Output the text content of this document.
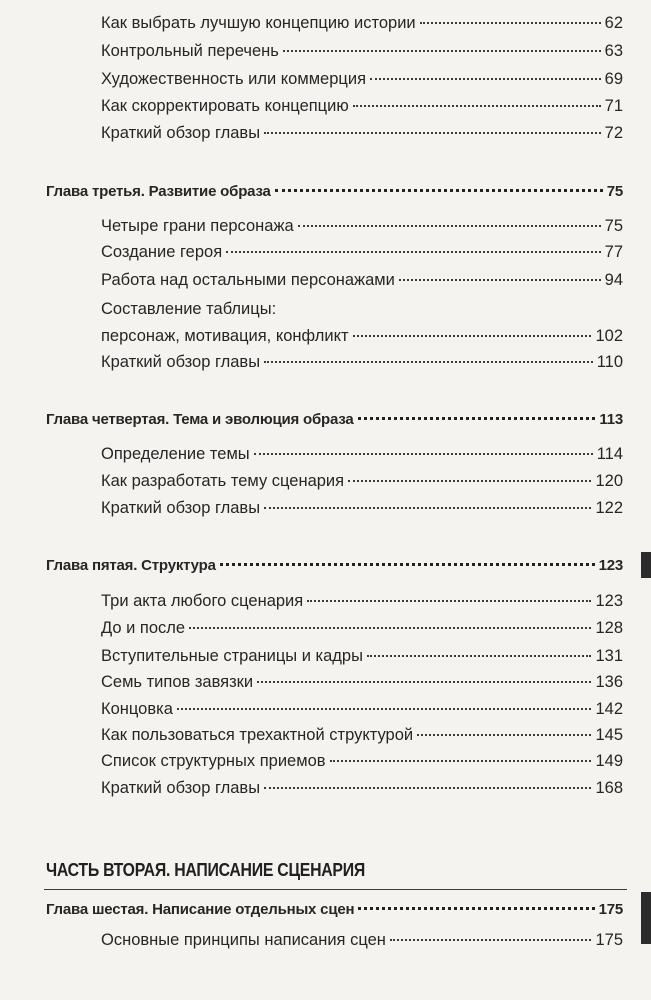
Как выбрать лучшую концепцию истории	62
Контрольный перечень	63
Художественность или коммерция	69
Как скорректировать концепцию	71
Краткий обзор главы	72
Глава третья. Развитие образа	75
Четыре грани персонажа	75
Создание героя	77
Работа над остальными персонажами	94
Составление таблицы:
персонаж, мотивация, конфликт	102
Краткий обзор главы	110
Глава четвертая. Тема и эволюция образа	113
Определение темы	114
Как разработать тему сценария	120
Краткий обзор главы	122
Глава пятая. Структура	123
Три акта любого сценария	123
До и после	128
Вступительные страницы и кадры	131
Семь типов завязки	136
Концовка	142
Как пользоваться трехактной структурой	145
Список структурных приемов	149
Краткий обзор главы	168
ЧАСТЬ ВТОРАЯ. НАПИСАНИЕ СЦЕНАРИЯ
Глава шестая. Написание отдельных сцен	175
Основные принципы написания сцен	175
